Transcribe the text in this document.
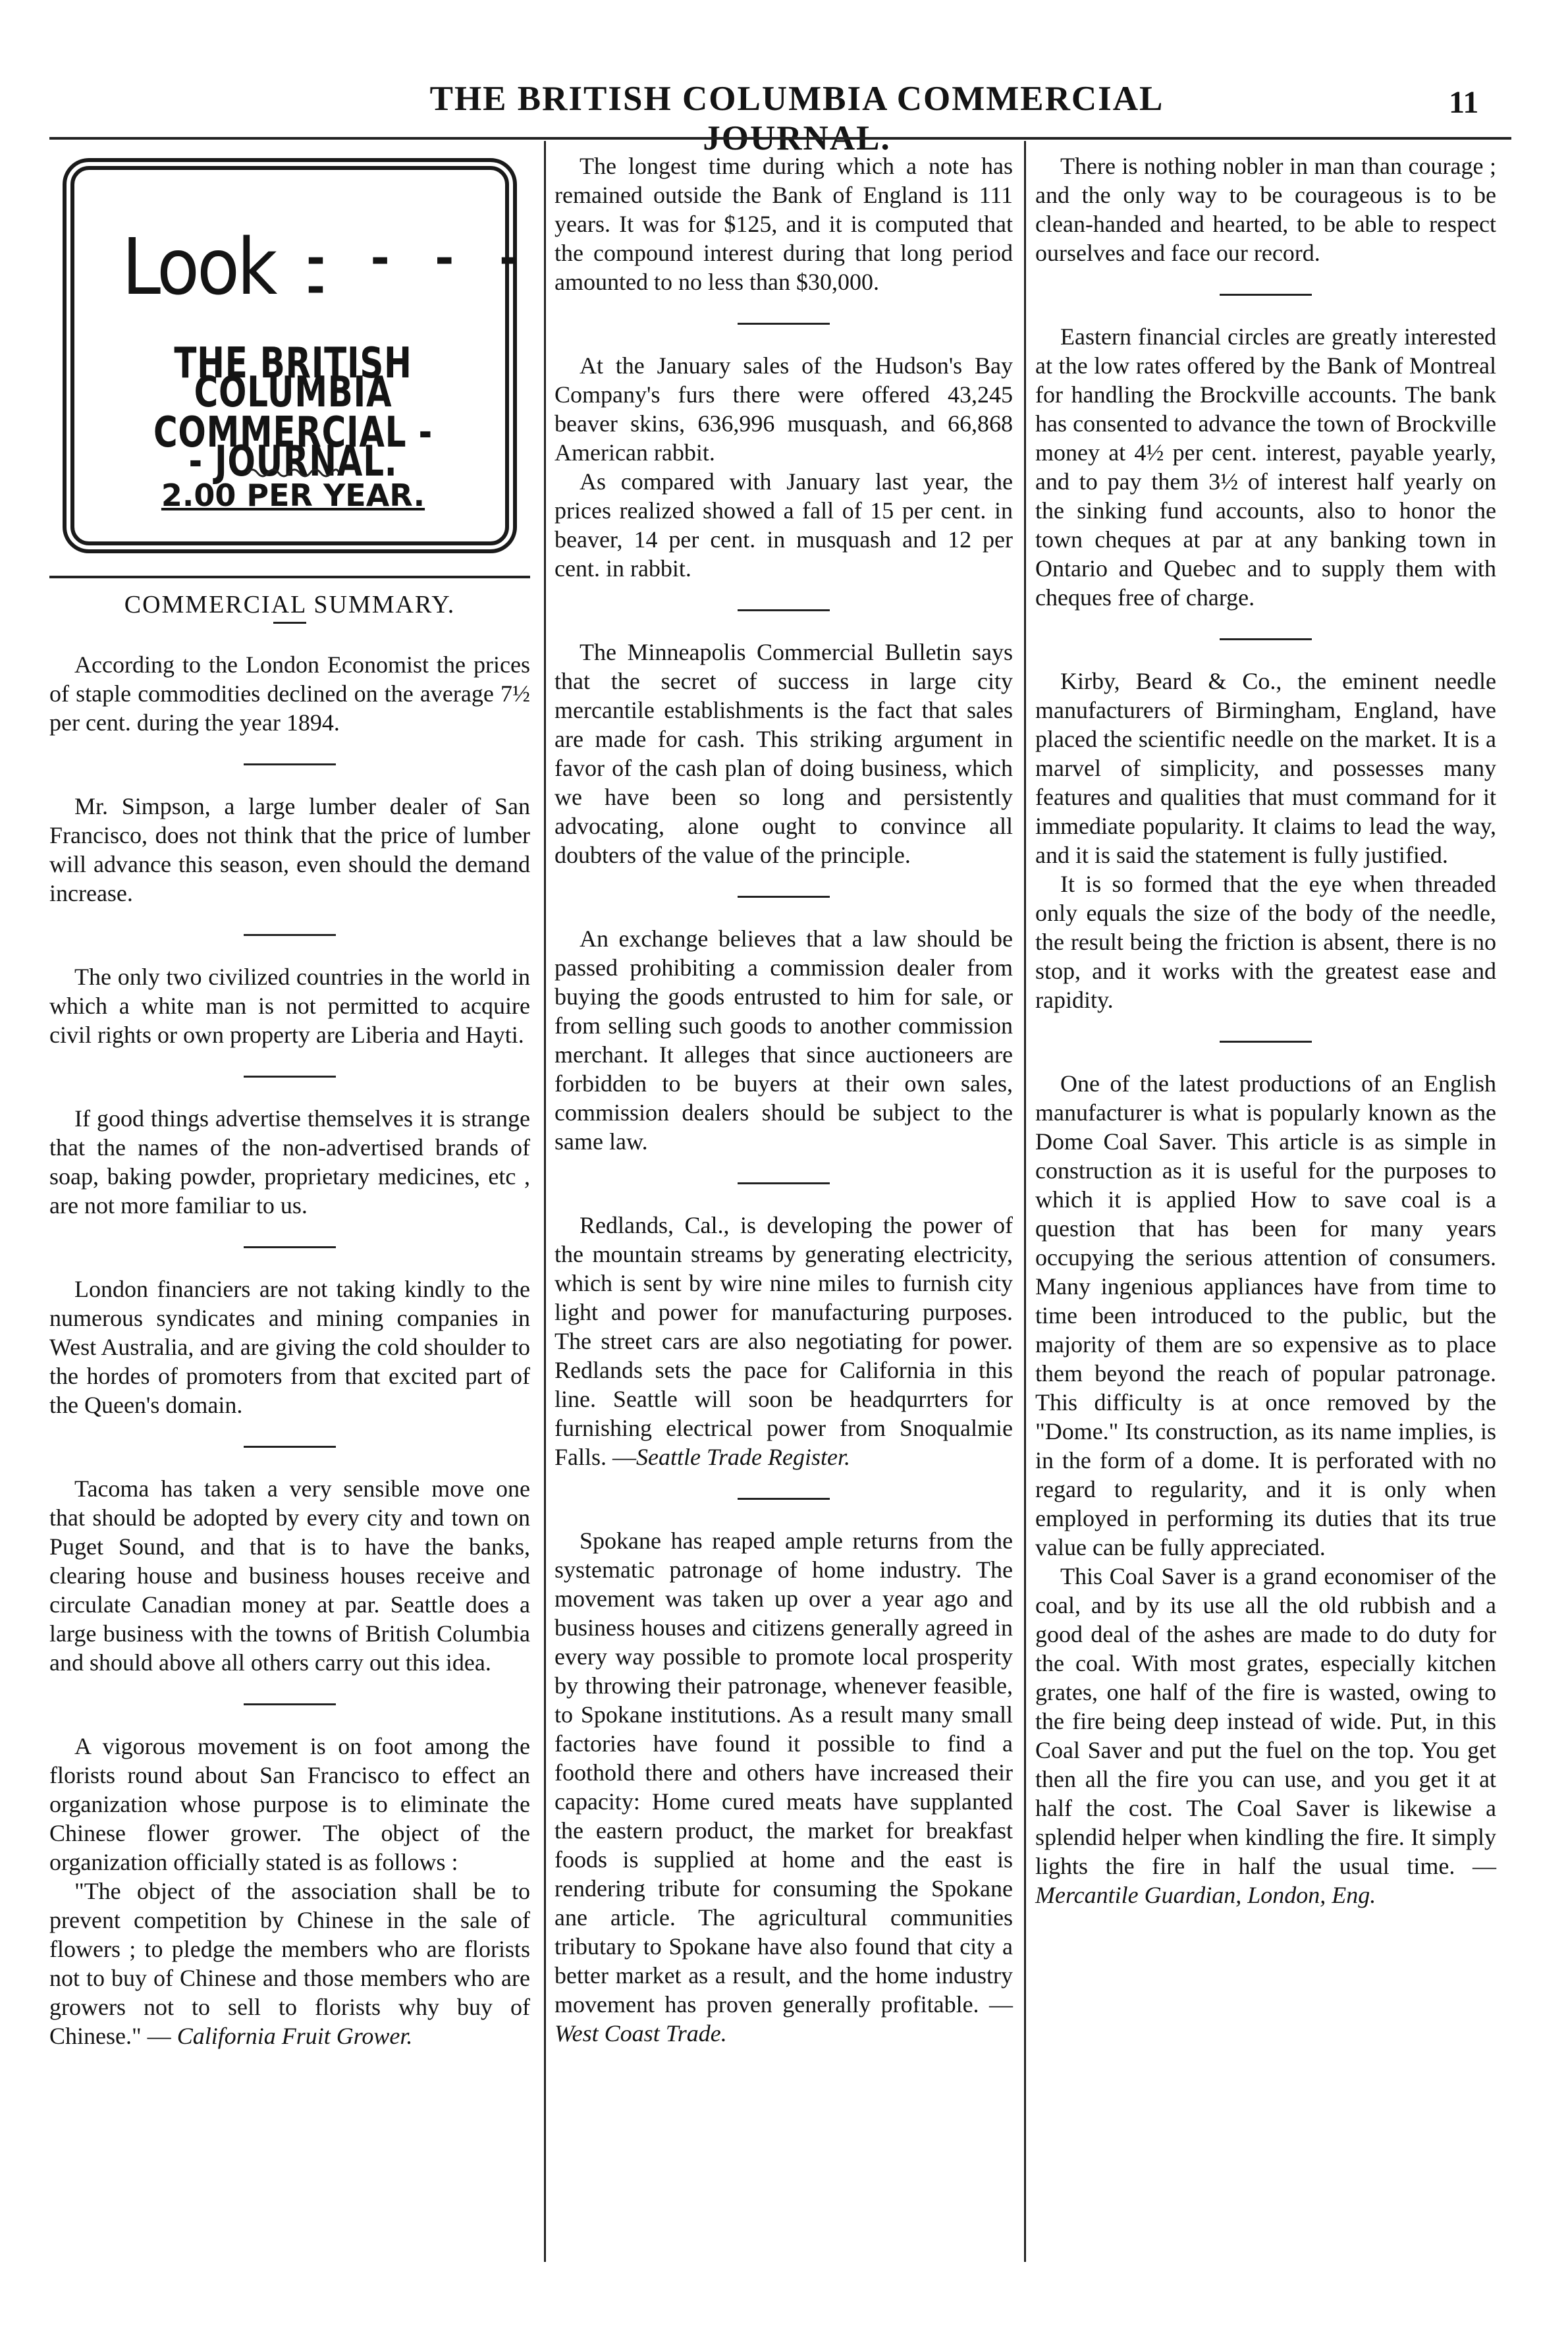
THE BRITISH COLUMBIA COMMERCIAL JOURNAL.
11
Look - - - - -
THE BRITISH COLUMBIA
COMMERCIAL - - JOURNAL.
2.00 PER YEAR.
COMMERCIAL SUMMARY.

According to the London Economist the prices of staple commodities declined on the average 7½ per cent. during the year 1894.

Mr. Simpson, a large lumber dealer of San Francisco, does not think that the price of lumber will advance this season, even should the demand increase.

The only two civilized countries in the world in which a white man is not permitted to acquire civil rights or own property are Liberia and Hayti.

If good things advertise themselves it is strange that the names of the non-advertised brands of soap, baking powder, proprietary medicines, etc , are not more familiar to us.

London financiers are not taking kindly to the numerous syndicates and mining companies in West Australia, and are giving the cold shoulder to the hordes of promoters from that excited part of the Queen's domain.

Tacoma has taken a very sensible move one that should be adopted by every city and town on Puget Sound, and that is to have the banks, clearing house and business houses receive and circulate Canadian money at par. Seattle does a large business with the towns of British Columbia and should above all others carry out this idea.

A vigorous movement is on foot among the florists round about San Francisco to effect an organization whose purpose is to eliminate the Chinese flower grower. The object of the organization officially stated is as follows :

"The object of the association shall be to prevent competition by Chinese in the sale of flowers ; to pledge the members who are florists not to buy of Chinese and those members who are growers not to sell to florists why buy of Chinese." — California Fruit Grower.

The longest time during which a note has remained outside the Bank of England is 111 years. It was for $125, and it is computed that the compound interest during that long period amounted to no less than $30,000.

At the January sales of the Hudson's Bay Company's furs there were offered 43,245 beaver skins, 636,996 musquash, and 66,868 American rabbit.

As compared with January last year, the prices realized showed a fall of 15 per cent. in beaver, 14 per cent. in musquash and 12 per cent. in rabbit.

The Minneapolis Commercial Bulletin says that the secret of success in large city mercantile establishments is the fact that sales are made for cash. This striking argument in favor of the cash plan of doing business, which we have been so long and persistently advocating, alone ought to convince all doubters of the value of the principle.

An exchange believes that a law should be passed prohibiting a commission dealer from buying the goods entrusted to him for sale, or from selling such goods to another commission merchant. It alleges that since auctioneers are forbidden to be buyers at their own sales, commission dealers should be subject to the same law.

Redlands, Cal., is developing the power of the mountain streams by generating electricity, which is sent by wire nine miles to furnish city light and power for manufacturing purposes. The street cars are also negotiating for power. Redlands sets the pace for California in this line. Seattle will soon be headqurrters for furnishing electrical power from Snoqualmie Falls. —Seattle Trade Register.

Spokane has reaped ample returns from the systematic patronage of home industry. The movement was taken up over a year ago and business houses and citizens generally agreed in every way possible to promote local prosperity by throwing their patronage, whenever feasible, to Spokane institutions. As a result many small factories have found it possible to find a foothold there and others have increased their capacity: Home cured meats have supplanted the eastern product, the market for breakfast foods is supplied at home and the east is rendering tribute for consuming the Spokane ane article. The agricultural communities tributary to Spokane have also found that city a better market as a result, and the home industry movement has proven generally profitable. —West Coast Trade.

There is nothing nobler in man than courage ; and the only way to be courageous is to be clean-handed and hearted, to be able to respect ourselves and face our record.

Eastern financial circles are greatly interested at the low rates offered by the Bank of Montreal for handling the Brockville accounts. The bank has consented to advance the town of Brockville money at 4½ per cent. interest, payable yearly, and to pay them 3½ of interest half yearly on the sinking fund accounts, also to honor the town cheques at par at any banking town in Ontario and Quebec and to supply them with cheques free of charge.

Kirby, Beard & Co., the eminent needle manufacturers of Birmingham, England, have placed the scientific needle on the market. It is a marvel of simplicity, and possesses many features and qualities that must command for it immediate popularity. It claims to lead the way, and it is said the statement is fully justified.

It is so formed that the eye when threaded only equals the size of the body of the needle, the result being the friction is absent, there is no stop, and it works with the greatest ease and rapidity.

One of the latest productions of an English manufacturer is what is popularly known as the Dome Coal Saver. This article is as simple in construction as it is useful for the purposes to which it is applied How to save coal is a question that has been for many years occupying the serious attention of consumers. Many ingenious appliances have from time to time been introduced to the public, but the majority of them are so expensive as to place them beyond the reach of popular patronage. This difficulty is at once removed by the "Dome." Its construction, as its name implies, is in the form of a dome. It is perforated with no regard to regularity, and it is only when employed in performing its duties that its true value can be fully appreciated.

This Coal Saver is a grand economiser of the coal, and by its use all the old rubbish and a good deal of the ashes are made to do duty for the coal. With most grates, especially kitchen grates, one half of the fire is wasted, owing to the fire being deep instead of wide. Put, in this Coal Saver and put the fuel on the top. You get then all the fire you can use, and you get it at half the cost. The Coal Saver is likewise a splendid helper when kindling the fire. It simply lights the fire in half the usual time. — Mercantile Guardian, London, Eng.
